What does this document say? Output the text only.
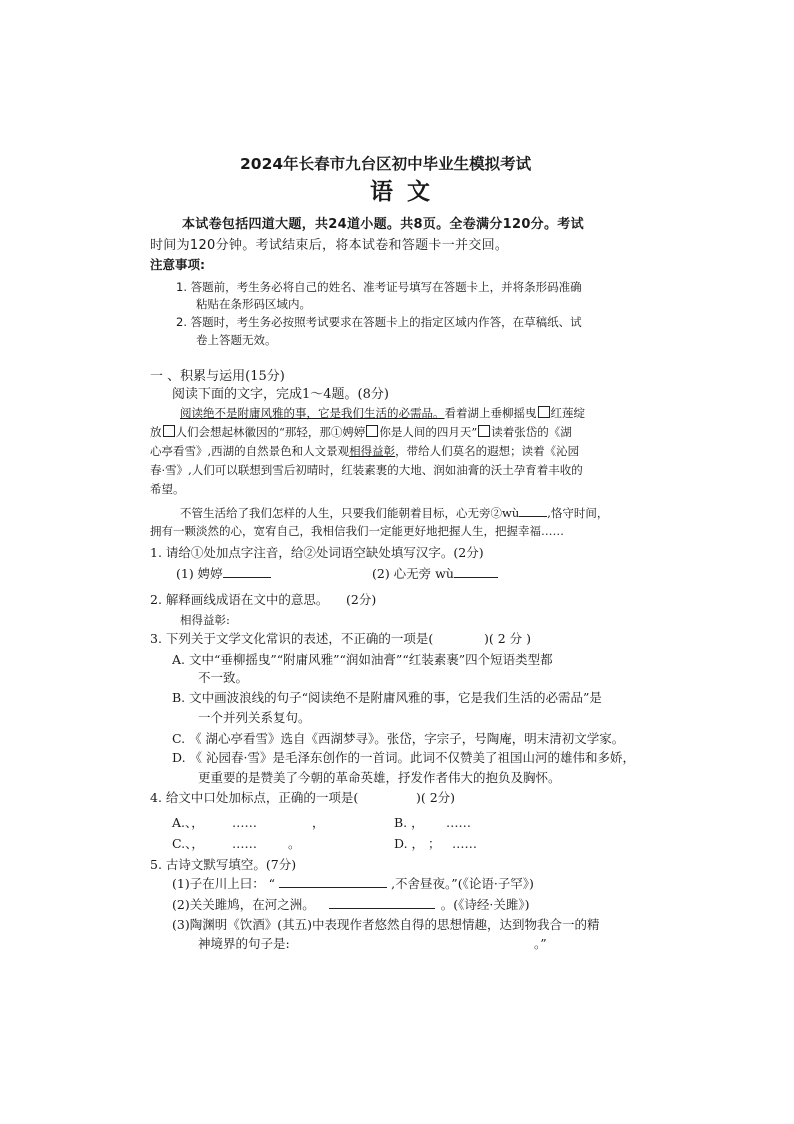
2024年长春市九台区初中毕业生模拟考试
语文
本试卷包括四道大题，共24道小题。共8页。全卷满分120分。考试
时间为120分钟。考试结束后，将本试卷和答题卡一并交回。
注意事项:
1. 答题前，考生务必将自己的姓名、准考证号填写在答题卡上，并将条形码准确
粘贴在条形码区域内。
2. 答题时，考生务必按照考试要求在答题卡上的指定区域内作答，在草稿纸、试
卷上答题无效。
一 、积累与运用(15分)
阅读下面的文字，完成1～4题。(8分)
阅读绝不是附庸风雅的事，它是我们生活的必需品。看着湖上垂柳摇曳 红莲绽
放 人们会想起林徽因的“那轻，那①娉婷 你是人间的四月天” 读着张岱的《湖
心亭看雪》,西湖的自然景色和人文景观相得益彰，带给人们莫名的遐想；读着《沁园
春·雪》,人们可以联想到雪后初晴时，红装素裹的大地、润如油膏的沃土孕育着丰收的
希望。
不管生活给了我们怎样的人生，只要我们能朝着目标，心无旁②wù ,恪守时间，
拥有一颗淡然的心，宽宥自己，我相信我们一定能更好地把握人生，把握幸福……
1. 请给①处加点字注音，给②处词语空缺处填写汉字。(2分)
(1) 娉婷	(2) 心无旁 wù
2. 解释画线成语在文中的意思。 (2分)
相得益彰:
3. 下列关于文学文化常识的表述，不正确的一项是(	)( 2 分 )
A. 文中“垂柳摇曳”“附庸风雅”“润如油膏”“红装素裹”四个短语类型都
不一致。
B. 文中画波浪线的句子“阅读绝不是附庸风雅的事，它是我们生活的必需品”是
一个并列关系复句。
C. 《 湖心亭看雪》选自《西湖梦寻》。张岱，字宗子，号陶庵，明末清初文学家。
D. 《 沁园春·雪》是毛泽东创作的一首词。此词不仅赞美了祖国山河的雄伟和多娇，
更重要的是赞美了今朝的革命英雄，抒发作者伟大的抱负及胸怀。
4. 给文中口处加标点，正确的一项是(	)( 2分)
A.、， ……	，	B. ， ……
C.、， …… 。	D. ， ； ……
5. 古诗文默写填空。(7分)
(1)子在川上曰： “	,不舍昼夜。”(《论语·子罕》)
(2)关关雎鸠，在河之洲。	。(《诗经·关雎》)
(3)陶渊明《饮酒》(其五)中表现作者悠然自得的思想情趣，达到物我合一的精
神境界的句子是:	。”
